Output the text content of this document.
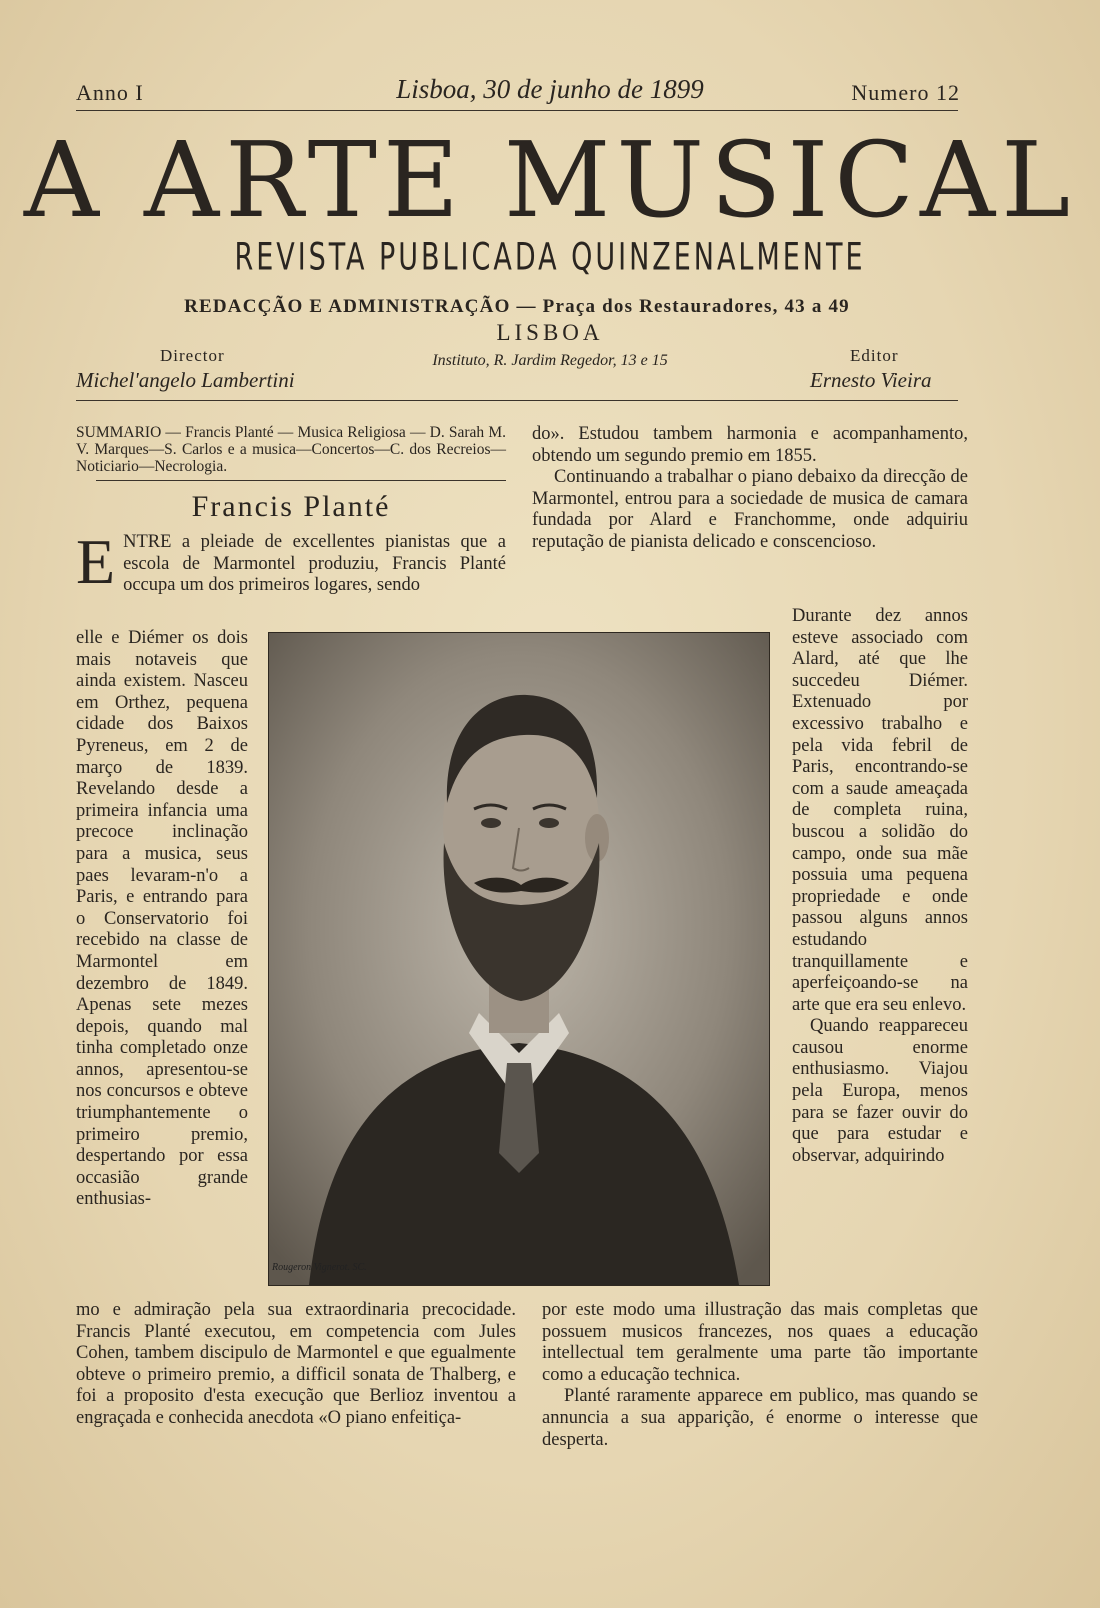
Anno I	Lisboa, 30 de junho de 1899	Numero 12
A ARTE MUSICAL
REVISTA PUBLICADA QUINZENALMENTE
REDACÇÃO E ADMINISTRAÇÃO — Praça dos Restauradores, 43 a 49
LISBOA
Director
Michel'angelo Lambertini
Instituto, R. Jardim Regedor, 13 e 15	Editor
Ernesto Vieira
SUMMARIO — Francis Planté — Musica Religiosa — D. Sarah M. V. Marques—S. Carlos e a musica—Concertos—C. dos Recreios—Noticiario—Necrologia.
Francis Planté
ENTRE a pleiade de excellentes pianistas que a escola de Marmontel produziu, Francis Planté occupa um dos primeiros logares, sendo

elle e Diémer os dois mais notaveis que ainda existem. Nasceu em Orthez, pequena cidade dos Baixos Pyreneus, em 2 de março de 1839. Revelando desde a primeira infancia uma precoce inclinação para a musica, seus paes levaram-n'o a Paris, e entrando para o Conservatorio foi recebido na classe de Marmontel em dezembro de 1849. Apenas sete mezes depois, quando mal tinha completado onze annos, apresentou-se nos concursos e obteve triumphantemente o primeiro premio, despertando por essa occasião grande enthusias-

mo e admiração pela sua extraordinaria precocidade. Francis Planté executou, em competencia com Jules Cohen, tambem discipulo de Marmontel e que egualmente obteve o primeiro premio, a difficil sonata de Thalberg, e foi a proposito d'esta execução que Berlioz inventou a engraçada e conhecida anecdota «O piano enfeitiça-

do». Estudou tambem harmonia e acompanhamento, obtendo um segundo premio em 1855.

Continuando a trabalhar o piano debaixo da direcção de Marmontel, entrou para a sociedade de musica de camara fundada por Alard e Franchomme, onde adquiriu reputação de pianista delicado e conscencioso.

Durante dez annos esteve associado com Alard, até que lhe succedeu Diémer. Extenuado por excessivo trabalho e pela vida febril de Paris, encontrando-se com a saude ameaçada de completa ruina, buscou a solidão do campo, onde sua mãe possuia uma pequena propriedade e onde passou alguns annos estudando tranquillamente e aperfeiçoando-se na arte que era seu enlevo.

Quando reappareceu causou enorme enthusiasmo. Viajou pela Europa, menos para se fazer ouvir do que para estudar e observar, adquirindo

por este modo uma illustração das mais completas que possuem musicos francezes, nos quaes a educação intellectual tem geralmente uma parte tão importante como a educação technica.

Planté raramente apparece em publico, mas quando se annuncia a sua apparição, é enorme o interesse que desperta.

Rougeron Vignerot. SC.
